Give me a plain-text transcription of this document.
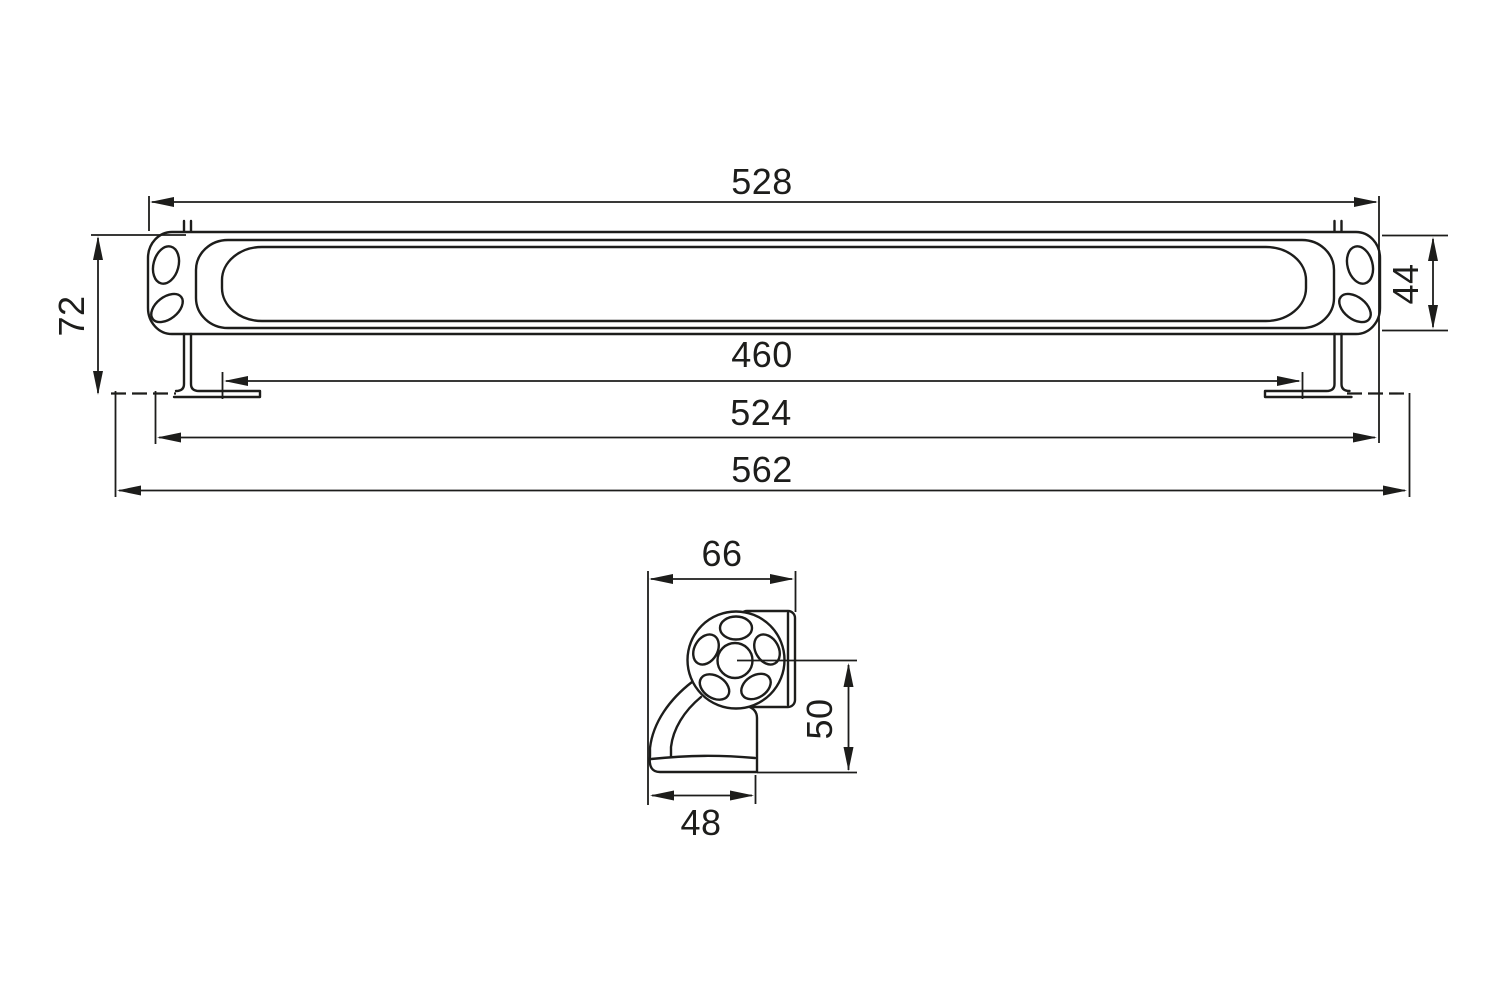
528
72
44
460
524
562
66
50
48
